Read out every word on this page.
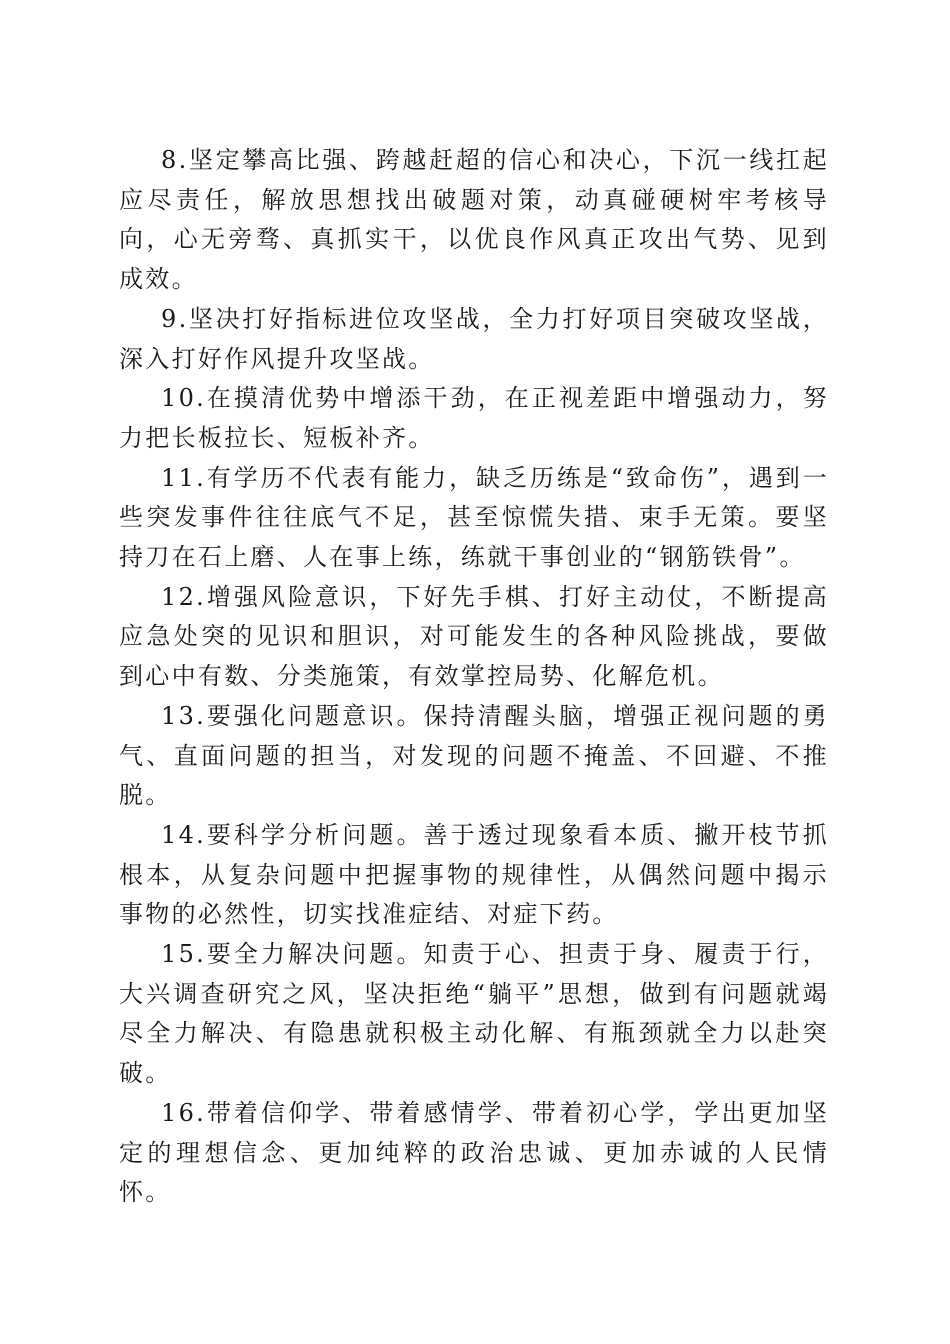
8.坚定攀高比强、跨越赶超的信心和决心，下沉一线扛起应尽责任，解放思想找出破题对策，动真碰硬树牢考核导向，心无旁骛、真抓实干，以优良作风真正攻出气势、见到成效。

9.坚决打好指标进位攻坚战，全力打好项目突破攻坚战，深入打好作风提升攻坚战。

10.在摸清优势中增添干劲，在正视差距中增强动力，努力把长板拉长、短板补齐。

11.有学历不代表有能力，缺乏历练是“致命伤”，遇到一些突发事件往往底气不足，甚至惊慌失措、束手无策。要坚持刀在石上磨、人在事上练，练就干事创业的“钢筋铁骨”。

12.增强风险意识，下好先手棋、打好主动仗，不断提高应急处突的见识和胆识，对可能发生的各种风险挑战，要做到心中有数、分类施策，有效掌控局势、化解危机。

13.要强化问题意识。保持清醒头脑，增强正视问题的勇气、直面问题的担当，对发现的问题不掩盖、不回避、不推脱。

14.要科学分析问题。善于透过现象看本质、撇开枝节抓根本，从复杂问题中把握事物的规律性，从偶然问题中揭示事物的必然性，切实找准症结、对症下药。

15.要全力解决问题。知责于心、担责于身、履责于行，大兴调查研究之风，坚决拒绝“躺平”思想，做到有问题就竭尽全力解决、有隐患就积极主动化解、有瓶颈就全力以赴突破。

16.带着信仰学、带着感情学、带着初心学，学出更加坚定的理想信念、更加纯粹的政治忠诚、更加赤诚的人民情怀。
